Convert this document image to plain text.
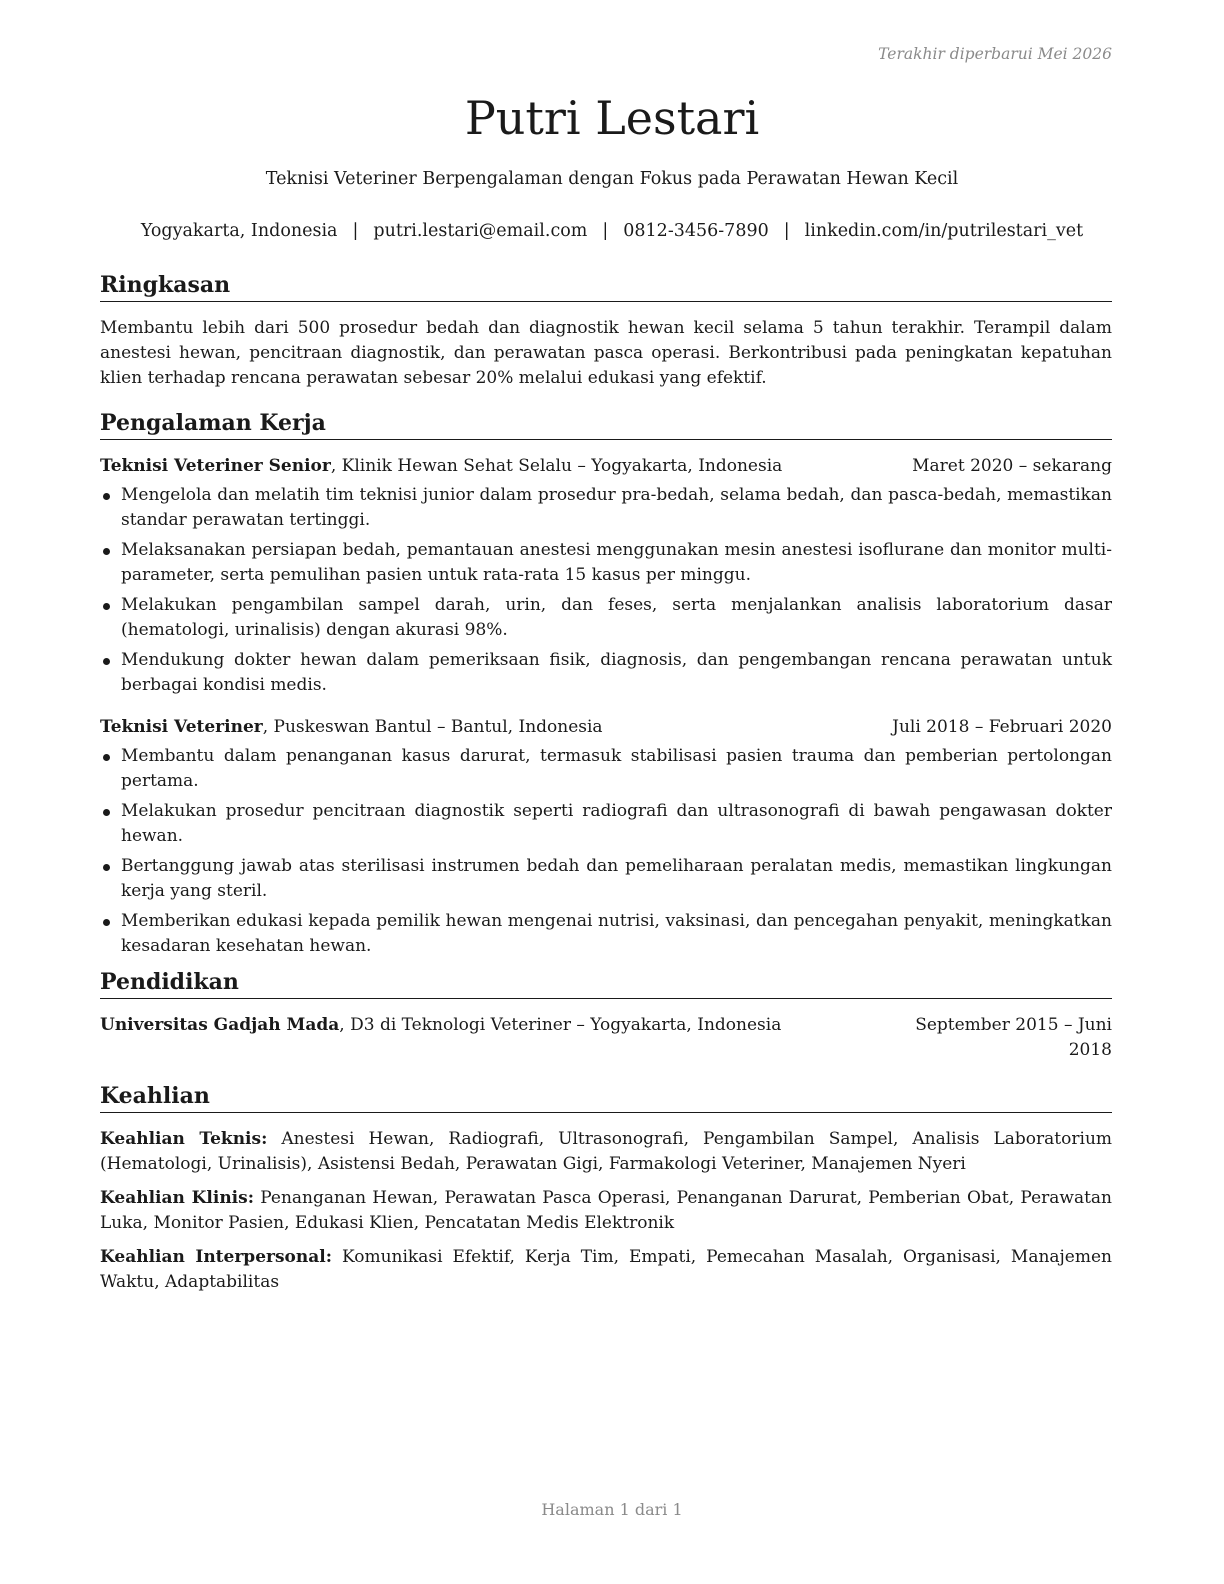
Terakhir diperbarui Mei 2026
Putri Lestari
Teknisi Veteriner Berpengalaman dengan Fokus pada Perawatan Hewan Kecil
Yogyakarta, Indonesia | putri.lestari@email.com | 0812-3456-7890 | linkedin.com/in/putrilestari_vet
Ringkasan

Membantu lebih dari 500 prosedur bedah dan diagnostik hewan kecil selama 5 tahun terakhir. Terampil dalam anestesi hewan, pencitraan diagnostik, dan perawatan pasca operasi. Berkontribusi pada peningkatan kepatuhan klien terhadap rencana perawatan sebesar 20% melalui edukasi yang efektif.

Pengalaman Kerja
Teknisi Veteriner Senior, Klinik Hewan Sehat Selalu – Yogyakarta, Indonesia	Maret 2020 – sekarang
Mengelola dan melatih tim teknisi junior dalam prosedur pra-bedah, selama bedah, dan pasca-bedah, memastikan standar perawatan tertinggi.
Melaksanakan persiapan bedah, pemantauan anestesi menggunakan mesin anestesi isoflurane dan monitor multi-parameter, serta pemulihan pasien untuk rata-rata 15 kasus per minggu.
Melakukan pengambilan sampel darah, urin, dan feses, serta menjalankan analisis laboratorium dasar (hematologi, urinalisis) dengan akurasi 98%.
Mendukung dokter hewan dalam pemeriksaan fisik, diagnosis, dan pengembangan rencana perawatan untuk berbagai kondisi medis.
Teknisi Veteriner, Puskeswan Bantul – Bantul, Indonesia	Juli 2018 – Februari 2020
Membantu dalam penanganan kasus darurat, termasuk stabilisasi pasien trauma dan pemberian pertolongan pertama.
Melakukan prosedur pencitraan diagnostik seperti radiografi dan ultrasonografi di bawah pengawasan dokter hewan.
Bertanggung jawab atas sterilisasi instrumen bedah dan pemeliharaan peralatan medis, memastikan lingkungan kerja yang steril.
Memberikan edukasi kepada pemilik hewan mengenai nutrisi, vaksinasi, dan pencegahan penyakit, meningkatkan kesadaran kesehatan hewan.
Pendidikan
Universitas Gadjah Mada, D3 di Teknologi Veteriner – Yogyakarta, Indonesia	September 2015 – Juni 2018
Keahlian

Keahlian Teknis: Anestesi Hewan, Radiografi, Ultrasonografi, Pengambilan Sampel, Analisis Laboratorium (Hematologi, Urinalisis), Asistensi Bedah, Perawatan Gigi, Farmakologi Veteriner, Manajemen Nyeri

Keahlian Klinis: Penanganan Hewan, Perawatan Pasca Operasi, Penanganan Darurat, Pemberian Obat, Perawatan Luka, Monitor Pasien, Edukasi Klien, Pencatatan Medis Elektronik

Keahlian Interpersonal: Komunikasi Efektif, Kerja Tim, Empati, Pemecahan Masalah, Organisasi, Manajemen Waktu, Adaptabilitas

Halaman 1 dari 1
